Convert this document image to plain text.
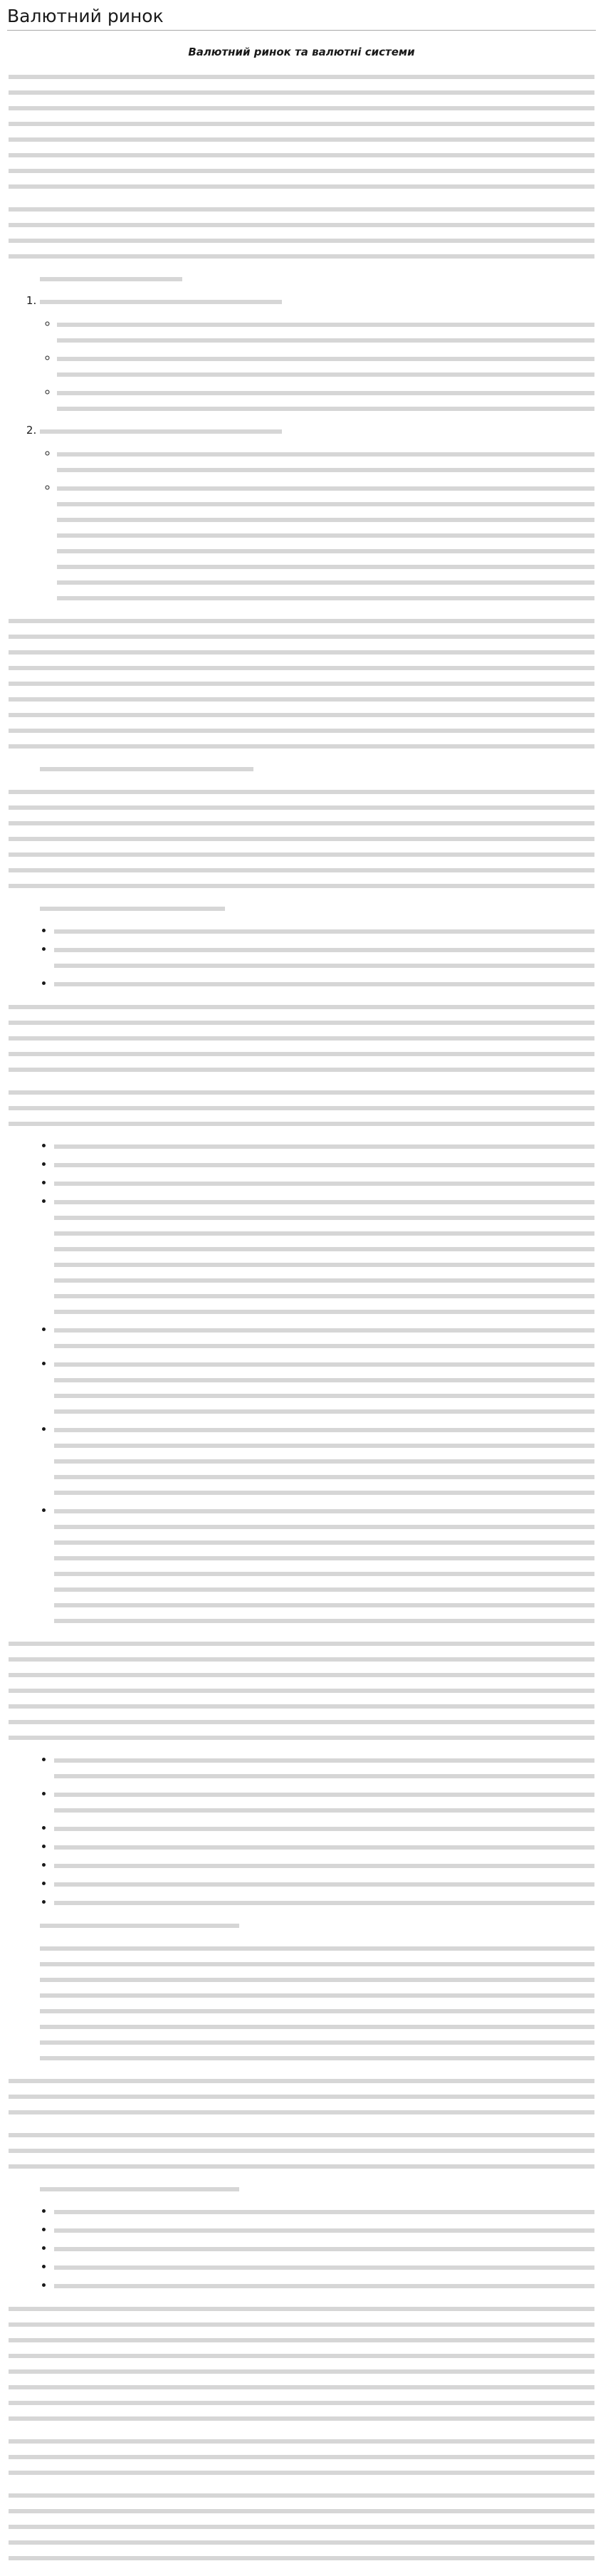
Валютний ринок
Валютний ринок та валютні системи
1.
◦
◦
◦
2.
◦
◦
•
•
•
•
•
•
•
•
•
•
•
•
•
•
•
•
•
•
•
•
•
•
•
